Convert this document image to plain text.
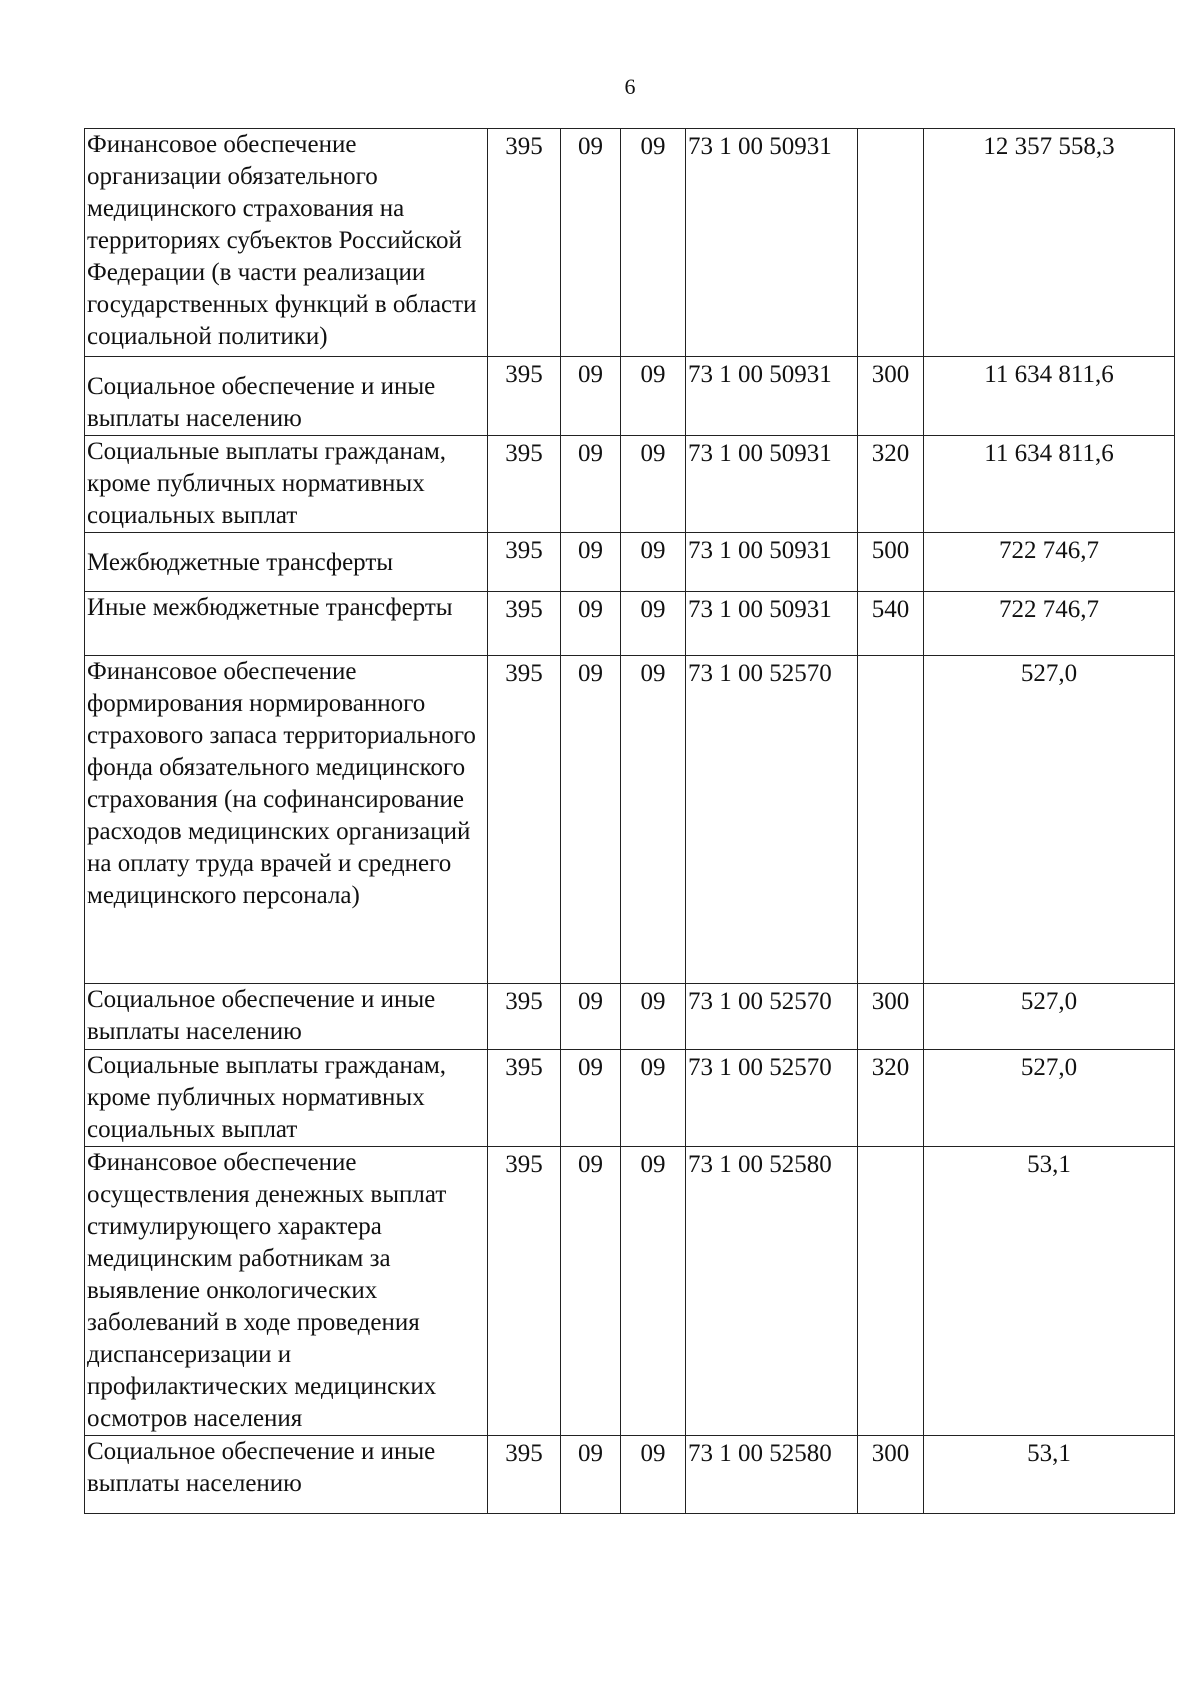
6
Финансовое обеспечение организации обязательного медицинского страхования на территориях субъектов Российской Федерации (в части реализации государственных функций в области социальной политики)	395	09	09	73 1 00 50931		12 357 558,3

Социальное обеспечение и иные выплаты населению	395	09	09	73 1 00 50931	300	11 634 811,6

Социальные выплаты гражданам, кроме публичных нормативных социальных выплат	395	09	09	73 1 00 50931	320	11 634 811,6

Межбюджетные трансферты	395	09	09	73 1 00 50931	500	722 746,7

Иные межбюджетные трансферты	395	09	09	73 1 00 50931	540	722 746,7

Финансовое обеспечение формирования нормированного страхового запаса территориального фонда обязательного медицинского страхования (на софинансирование расходов медицинских организаций на оплату труда врачей и среднего медицинского персонала)	395	09	09	73 1 00 52570		527,0

Социальное обеспечение и иные выплаты населению	395	09	09	73 1 00 52570	300	527,0

Социальные выплаты гражданам, кроме публичных нормативных социальных выплат	395	09	09	73 1 00 52570	320	527,0

Финансовое обеспечение осуществления денежных выплат стимулирующего характера медицинским работникам за выявление онкологических заболеваний в ходе проведения диспансеризации и профилактических медицинских осмотров населения	395	09	09	73 1 00 52580		53,1

Социальное обеспечение и иные выплаты населению	395	09	09	73 1 00 52580	300	53,1
